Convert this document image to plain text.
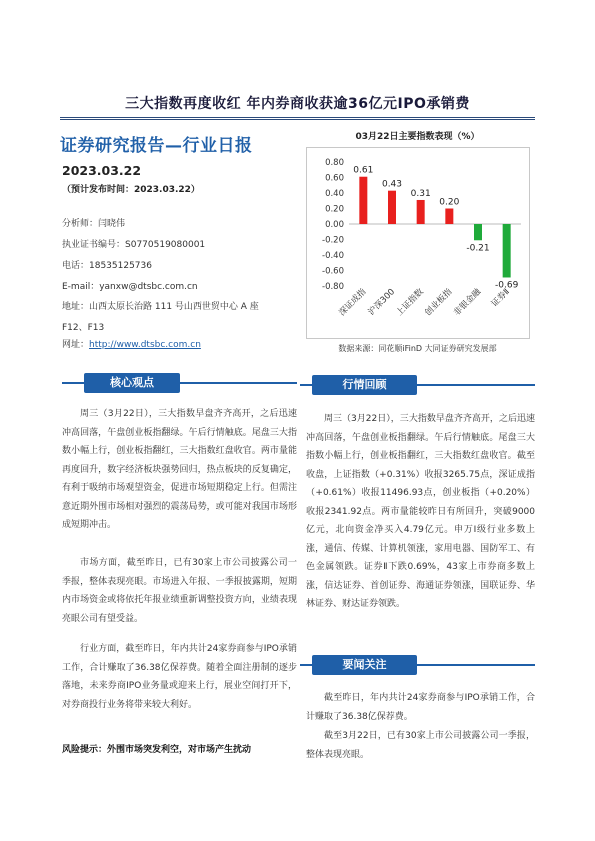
三大指数再度收红 年内券商收获逾36亿元IPO承销费
证券研究报告—行业日报
2023.03.22
（预计发布时间：2023.03.22）
分析师：闫晓伟
执业证书编号：S0770519080001
电话：18535125736
E-mail：yanxw@dtsbc.com.cn
地址：山西太原长治路 111 号山西世贸中心 A 座
F12、F13
网址：http://www.dtsbc.com.cn
03月22日主要指数表现（%）
0.80
0.60
0.40
0.20
0.00
-0.20
-0.40
-0.60
-0.80
0.61
深证成指
0.43
沪深300
0.31
上证指数
0.20
创业板指
-0.21
非银金融
-0.69
证券Ⅱ
数据来源：同花顺iFinD 大同证券研究发展部
核心观点

周三（3月22日），三大指数早盘齐齐高开，之后迅速冲高回落，午盘创业板指翻绿。午后行情触底。尾盘三大指数小幅上行，创业板指翻红，三大指数红盘收官。两市量能再度回升，数字经济板块强势回归，热点板块的反复确定，有利于吸纳市场观望资金，促进市场短期稳定上行。但需注意近期外围市场相对强烈的震荡局势，或可能对我国市场形成短期冲击。

市场方面，截至昨日，已有30家上市公司披露公司一季报，整体表现亮眼。市场进入年报、一季报披露期，短期内市场资金或将依托年报业绩重新调整投资方向，业绩表现亮眼公司有望受益。

行业方面，截至昨日，年内共计24家券商参与IPO承销工作，合计赚取了36.38亿保荐费。随着全面注册制的逐步落地，未来券商IPO业务量或迎来上行，展业空间打开下，对券商投行业务将带来较大利好。

风险提示：外围市场突发利空，对市场产生扰动
行情回顾

周三（3月22日），三大指数早盘齐齐高开，之后迅速冲高回落，午盘创业板指翻绿。午后行情触底。尾盘三大指数小幅上行，创业板指翻红，三大指数红盘收官。截至收盘，上证指数（+0.31%）收报3265.75点，深证成指（+0.61%）收报11496.93点，创业板指（+0.20%）收报2341.92点。两市量能较昨日有所回升，突破9000亿元，北向资金净买入4.79亿元。申万Ⅰ级行业多数上涨，通信、传媒、计算机领涨，家用电器、国防军工、有色金属领跌。证券Ⅱ下跌0.69%，43家上市券商多数上涨，信达证券、首创证券、海通证券领涨，国联证券、华林证券、财达证券领跌。

要闻关注

截至昨日，年内共计24家券商参与IPO承销工作，合计赚取了36.38亿保荐费。

截至3月22日，已有30家上市公司披露公司一季报，整体表现亮眼。
